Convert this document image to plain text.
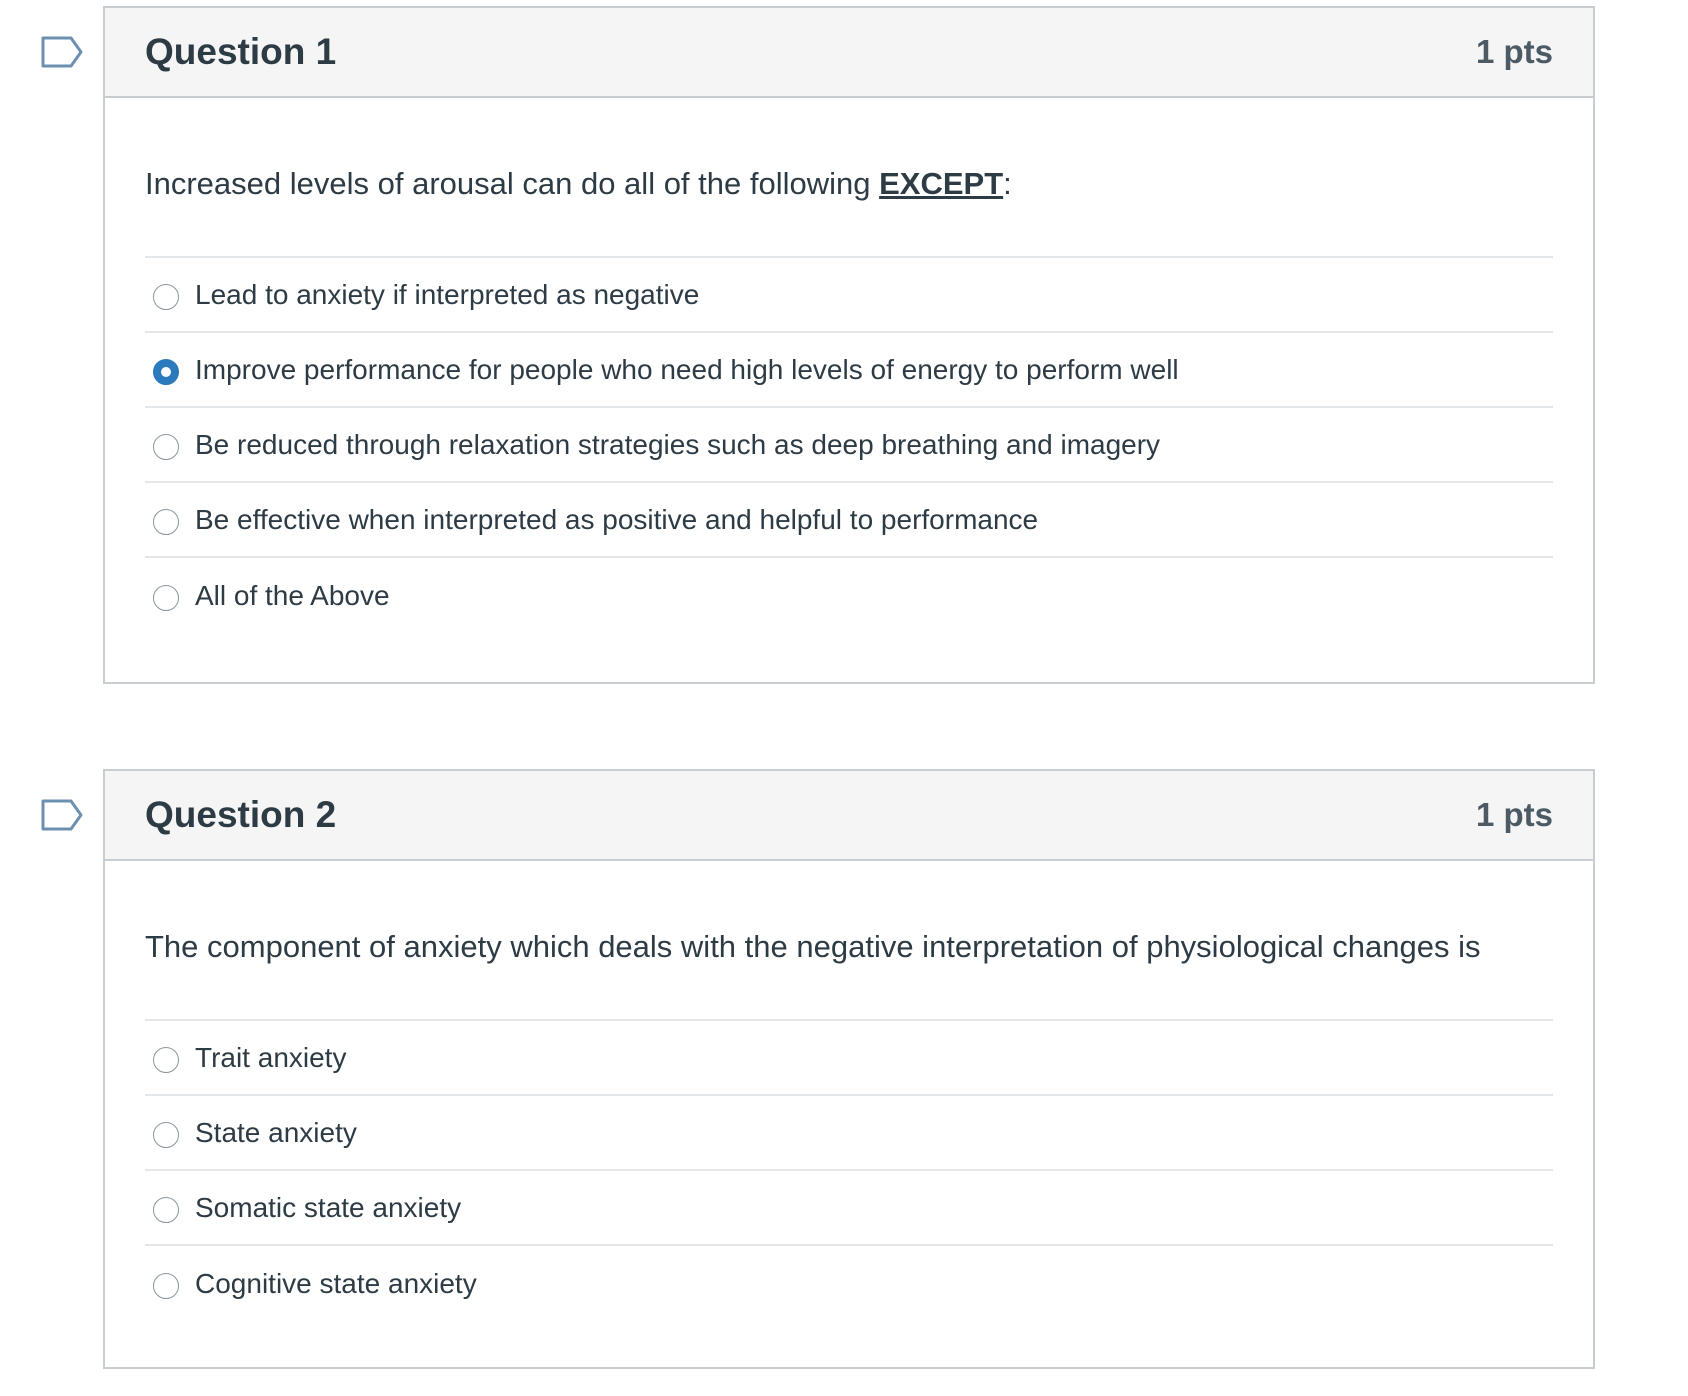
Question 1	1 pts
Increased levels of arousal can do all of the following EXCEPT:
Lead to anxiety if interpreted as negative
Improve performance for people who need high levels of energy to perform well
Be reduced through relaxation strategies such as deep breathing and imagery
Be effective when interpreted as positive and helpful to performance
All of the Above
Question 2	1 pts
The component of anxiety which deals with the negative interpretation of physiological changes is
Trait anxiety
State anxiety
Somatic state anxiety
Cognitive state anxiety
